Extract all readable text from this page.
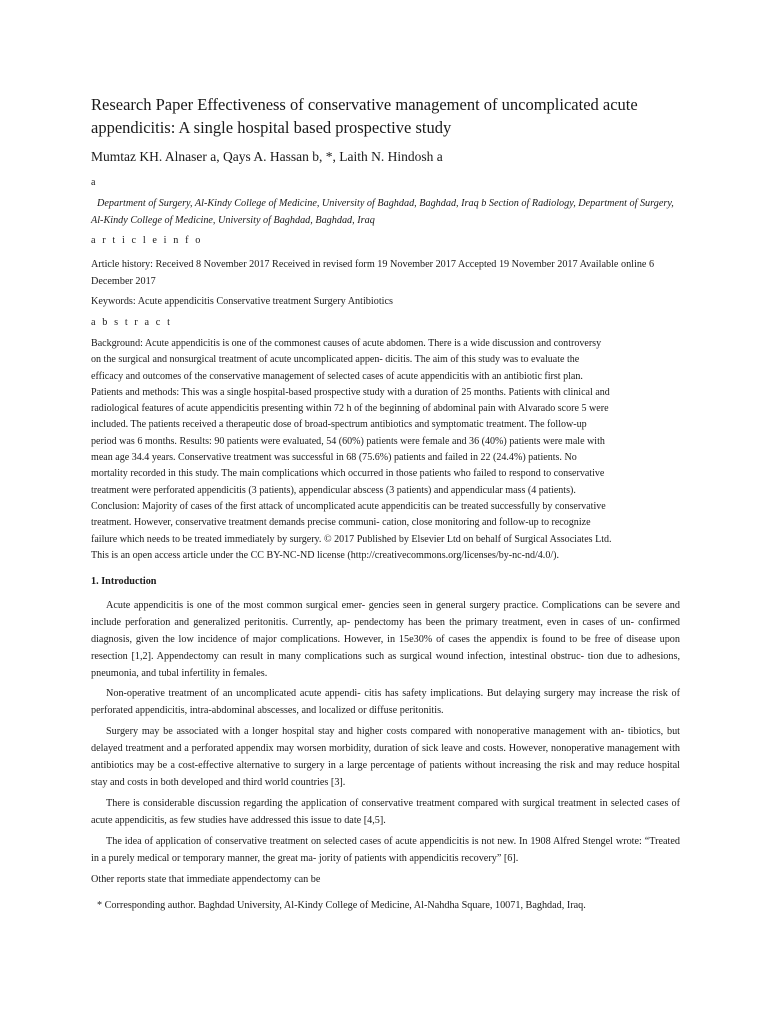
Research Paper Effectiveness of conservative management of uncomplicated acute appendicitis: A single hospital based prospective study
Mumtaz KH. Alnaser a, Qays A. Hassan b, *, Laith N. Hindosh a
a
Department of Surgery, Al-Kindy College of Medicine, University of Baghdad, Baghdad, Iraq b Section of Radiology, Department of Surgery, Al-Kindy College of Medicine, University of Baghdad, Baghdad, Iraq
a r t i c l e i n f o
Article history: Received 8 November 2017 Received in revised form 19 November 2017 Accepted 19 November 2017 Available online 6 December 2017
Keywords: Acute appendicitis Conservative treatment Surgery Antibiotics
a b s t r a c t
Background: Acute appendicitis is one of the commonest causes of acute abdomen. There is a wide discussion and controversy
on the surgical and nonsurgical treatment of acute uncomplicated appen- dicitis. The aim of this study was to evaluate the
efficacy and outcomes of the conservative management of selected cases of acute appendicitis with an antibiotic first plan.
Patients and methods: This was a single hospital-based prospective study with a duration of 25 months. Patients with clinical and
radiological features of acute appendicitis presenting within 72 h of the beginning of abdominal pain with Alvarado score 5 were
included. The patients received a therapeutic dose of broad-spectrum antibiotics and symptomatic treatment. The follow-up
period was 6 months. Results: 90 patients were evaluated, 54 (60%) patients were female and 36 (40%) patients were male with
mean age 34.4 years. Conservative treatment was successful in 68 (75.6%) patients and failed in 22 (24.4%) patients. No
mortality recorded in this study. The main complications which occurred in those patients who failed to respond to conservative
treatment were perforated appendicitis (3 patients), appendicular abscess (3 patients) and appendicular mass (4 patients).
Conclusion: Majority of cases of the first attack of uncomplicated acute appendicitis can be treated successfully by conservative
treatment. However, conservative treatment demands precise communi- cation, close monitoring and follow-up to recognize
failure which needs to be treated immediately by surgery. © 2017 Published by Elsevier Ltd on behalf of Surgical Associates Ltd.
This is an open access article under the CC BY-NC-ND license (http://creativecommons.org/licenses/by-nc-nd/4.0/).
1. Introduction

Acute appendicitis is one of the most common surgical emer- gencies seen in general surgery practice. Complications can be severe and include perforation and generalized peritonitis. Currently, ap- pendectomy has been the primary treatment, even in cases of un- confirmed diagnosis, given the low incidence of major complications. However, in 15e30% of cases the appendix is found to be free of disease upon resection [1,2]. Appendectomy can result in many complications such as surgical wound infection, intestinal obstruc- tion due to adhesions, pneumonia, and tubal infertility in females.

Non-operative treatment of an uncomplicated acute appendi- citis has safety implications. But delaying surgery may increase the risk of perforated appendicitis, intra-abdominal abscesses, and localized or diffuse peritonitis.

Surgery may be associated with a longer hospital stay and higher costs compared with nonoperative management with an- tibiotics, but delayed treatment and a perforated appendix may worsen morbidity, duration of sick leave and costs. However, nonoperative management with antibiotics may be a cost-effective alternative to surgery in a large percentage of patients without increasing the risk and may reduce hospital stay and costs in both developed and third world countries [3].

There is considerable discussion regarding the application of conservative treatment compared with surgical treatment in selected cases of acute appendicitis, as few studies have addressed this issue to date [4,5].

The idea of application of conservative treatment on selected cases of acute appendicitis is not new. In 1908 Alfred Stengel wrote: “Treated in a purely medical or temporary manner, the great ma- jority of patients with appendicitis recovery” [6].

Other reports state that immediate appendectomy can be

* Corresponding author. Baghdad University, Al-Kindy College of Medicine, Al-Nahdha Square, 10071, Baghdad, Iraq.
